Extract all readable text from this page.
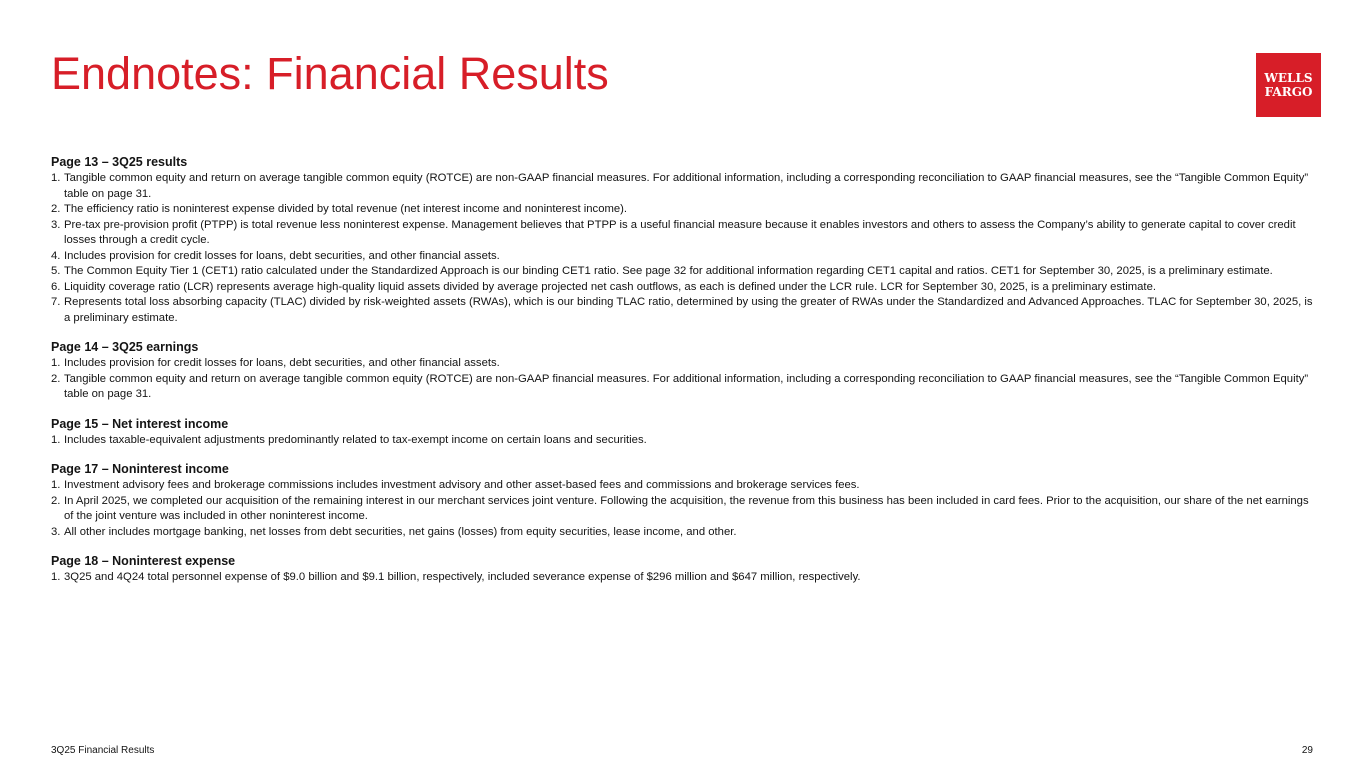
Endnotes: Financial Results	WELLS
FARGO
Page 13 – 3Q25 results
1. Tangible common equity and return on average tangible common equity (ROTCE) are non-GAAP financial measures. For additional information, including a corresponding reconciliation to GAAP financial measures, see the “Tangible Common Equity” table on page 31.
2. The efficiency ratio is noninterest expense divided by total revenue (net interest income and noninterest income).
3. Pre-tax pre-provision profit (PTPP) is total revenue less noninterest expense. Management believes that PTPP is a useful financial measure because it enables investors and others to assess the Company’s ability to generate capital to cover credit losses through a credit cycle.
4. Includes provision for credit losses for loans, debt securities, and other financial assets.
5. The Common Equity Tier 1 (CET1) ratio calculated under the Standardized Approach is our binding CET1 ratio. See page 32 for additional information regarding CET1 capital and ratios. CET1 for September 30, 2025, is a preliminary estimate.
6. Liquidity coverage ratio (LCR) represents average high-quality liquid assets divided by average projected net cash outflows, as each is defined under the LCR rule. LCR for September 30, 2025, is a preliminary estimate.
7. Represents total loss absorbing capacity (TLAC) divided by risk-weighted assets (RWAs), which is our binding TLAC ratio, determined by using the greater of RWAs under the Standardized and Advanced Approaches. TLAC for September 30, 2025, is a preliminary estimate.
Page 14 – 3Q25 earnings
1. Includes provision for credit losses for loans, debt securities, and other financial assets.
2. Tangible common equity and return on average tangible common equity (ROTCE) are non-GAAP financial measures. For additional information, including a corresponding reconciliation to GAAP financial measures, see the “Tangible Common Equity” table on page 31.
Page 15 – Net interest income
1. Includes taxable-equivalent adjustments predominantly related to tax-exempt income on certain loans and securities.
Page 17 – Noninterest income
1. Investment advisory fees and brokerage commissions includes investment advisory and other asset-based fees and commissions and brokerage services fees.
2. In April 2025, we completed our acquisition of the remaining interest in our merchant services joint venture. Following the acquisition, the revenue from this business has been included in card fees. Prior to the acquisition, our share of the net earnings of the joint venture was included in other noninterest income.
3. All other includes mortgage banking, net losses from debt securities, net gains (losses) from equity securities, lease income, and other.
Page 18 – Noninterest expense
1. 3Q25 and 4Q24 total personnel expense of $9.0 billion and $9.1 billion, respectively, included severance expense of $296 million and $647 million, respectively.
3Q25 Financial Results	29
